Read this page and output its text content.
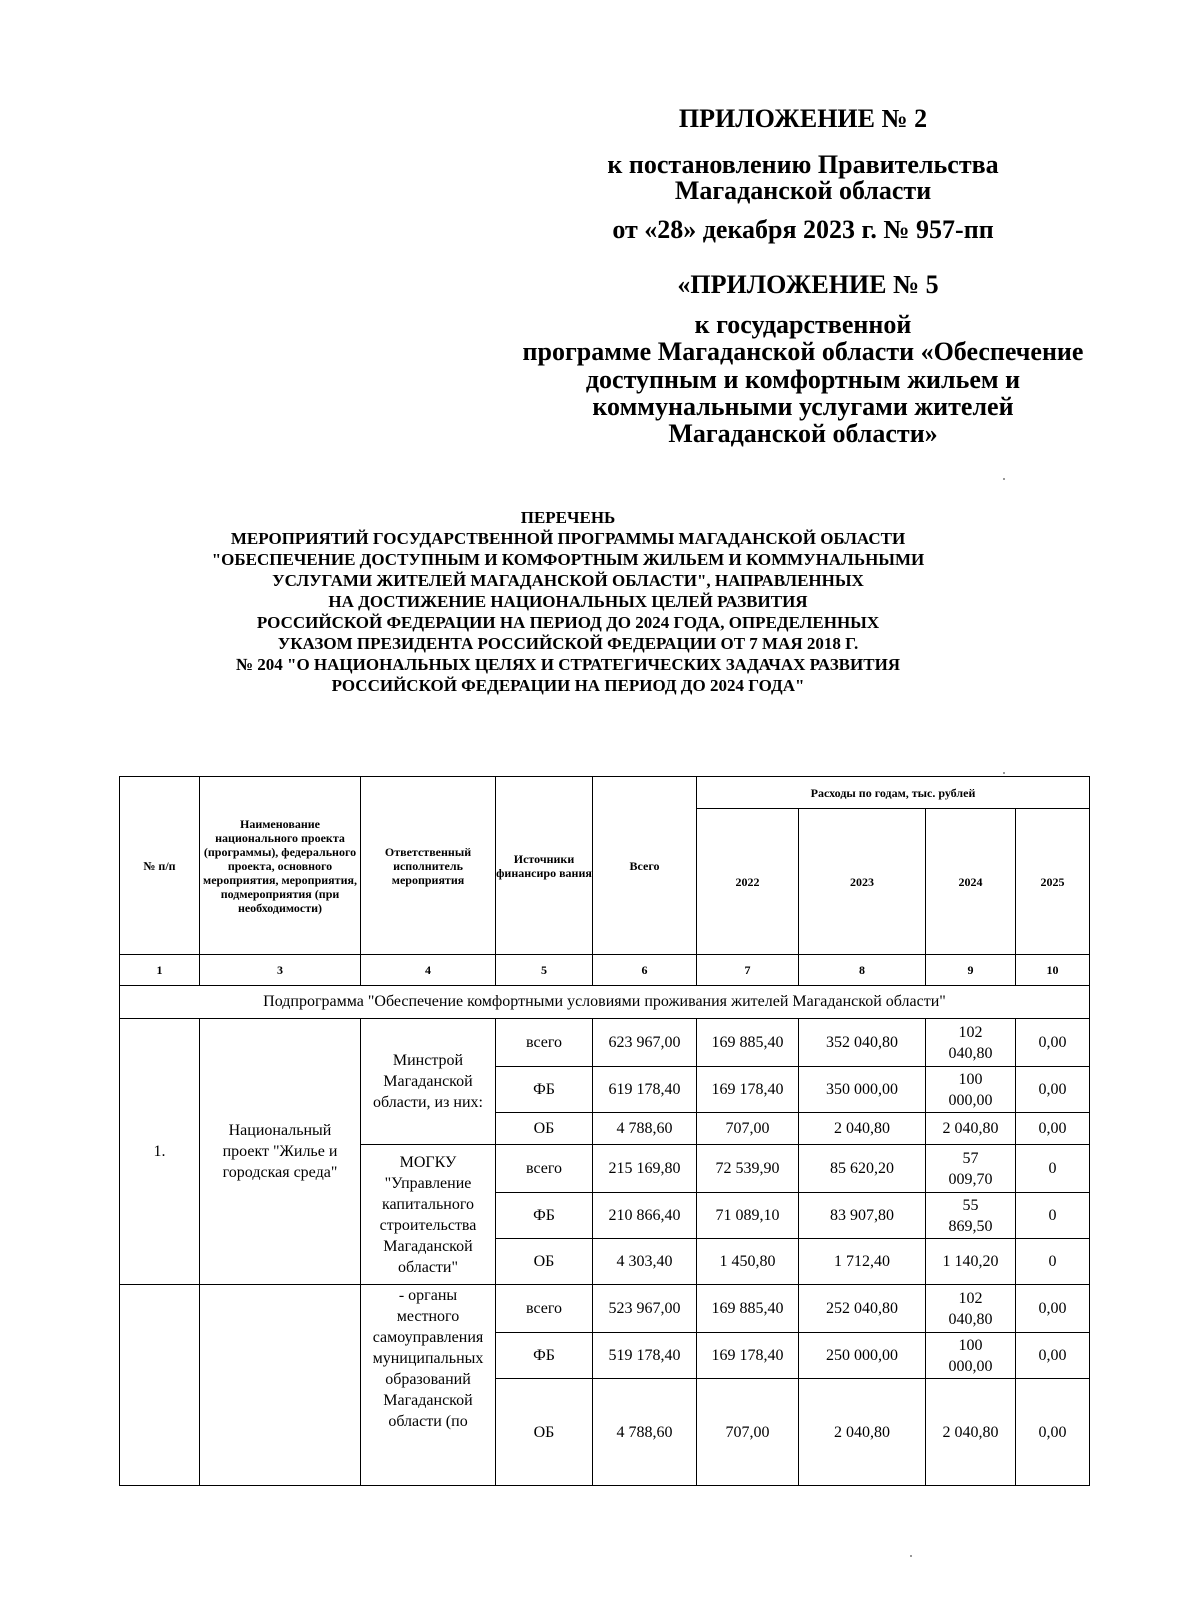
ПРИЛОЖЕНИЕ № 2
к постановлению Правительства
Магаданской области
от «28» декабря 2023 г. № 957-пп
«ПРИЛОЖЕНИЕ № 5
к государственной
программе Магаданской области «Обеспечение
доступным и комфортным жильем и
коммунальными услугами жителей
Магаданской области»
ПЕРЕЧЕНЬ
МЕРОПРИЯТИЙ ГОСУДАРСТВЕННОЙ ПРОГРАММЫ МАГАДАНСКОЙ ОБЛАСТИ
"ОБЕСПЕЧЕНИЕ ДОСТУПНЫМ И КОМФОРТНЫМ ЖИЛЬЕМ И КОММУНАЛЬНЫМИ
УСЛУГАМИ ЖИТЕЛЕЙ МАГАДАНСКОЙ ОБЛАСТИ", НАПРАВЛЕННЫХ
НА ДОСТИЖЕНИЕ НАЦИОНАЛЬНЫХ ЦЕЛЕЙ РАЗВИТИЯ
РОССИЙСКОЙ ФЕДЕРАЦИИ НА ПЕРИОД ДО 2024 ГОДА, ОПРЕДЕЛЕННЫХ
УКАЗОМ ПРЕЗИДЕНТА РОССИЙСКОЙ ФЕДЕРАЦИИ ОТ 7 МАЯ 2018 Г.
№ 204 "О НАЦИОНАЛЬНЫХ ЦЕЛЯХ И СТРАТЕГИЧЕСКИХ ЗАДАЧАХ РАЗВИТИЯ
РОССИЙСКОЙ ФЕДЕРАЦИИ НА ПЕРИОД ДО 2024 ГОДА"
№ п/п	Наименование национального проекта (программы), федерального проекта, основного мероприятия, мероприятия, подмероприятия (при необходимости)	Ответственный исполнитель мероприятия	Источники финансиро вания	Всего	Расходы по годам, тыс. рублей			
					2022	2023	2024	2025
1	3	4	5	6	7	8	9	10
Подпрограмма "Обеспечение комфортными условиями проживания жителей Магаданской области"								
1.	Национальный проект "Жилье и городская среда"	Минстрой Магаданской области, из них:	всего	623 967,00	169 885,40	352 040,80	102 040,80	0,00
			ФБ	619 178,40	169 178,40	350 000,00	100 000,00	0,00
			ОБ	4 788,60	707,00	2 040,80	2 040,80	0,00
		МОГКУ "Управление капитального строительства Магаданской области"	всего	215 169,80	72 539,90	85 620,20	57 009,70	0
			ФБ	210 866,40	71 089,10	83 907,80	55 869,50	0
			ОБ	4 303,40	1 450,80	1 712,40	1 140,20	0
		- органы местного самоуправления муниципальных образований Магаданской области (по	всего	523 967,00	169 885,40	252 040,80	102 040,80	0,00
			ФБ	519 178,40	169 178,40	250 000,00	100 000,00	0,00
			ОБ	4 788,60	707,00	2 040,80	2 040,80	0,00
